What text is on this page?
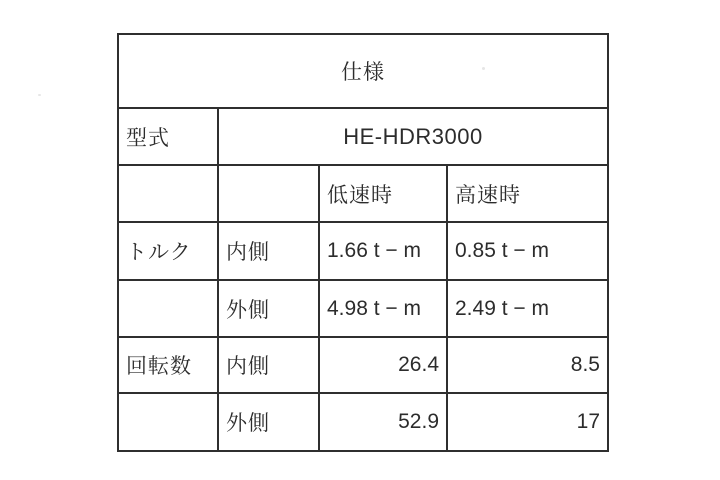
仕様			
型式	HE-HDR3000		
		低速時	高速時
トルク	内側	1.66 t − m	0.85 t − m
	外側	4.98 t − m	2.49 t − m
回転数	内側	26.4	8.5
	外側	52.9	17
